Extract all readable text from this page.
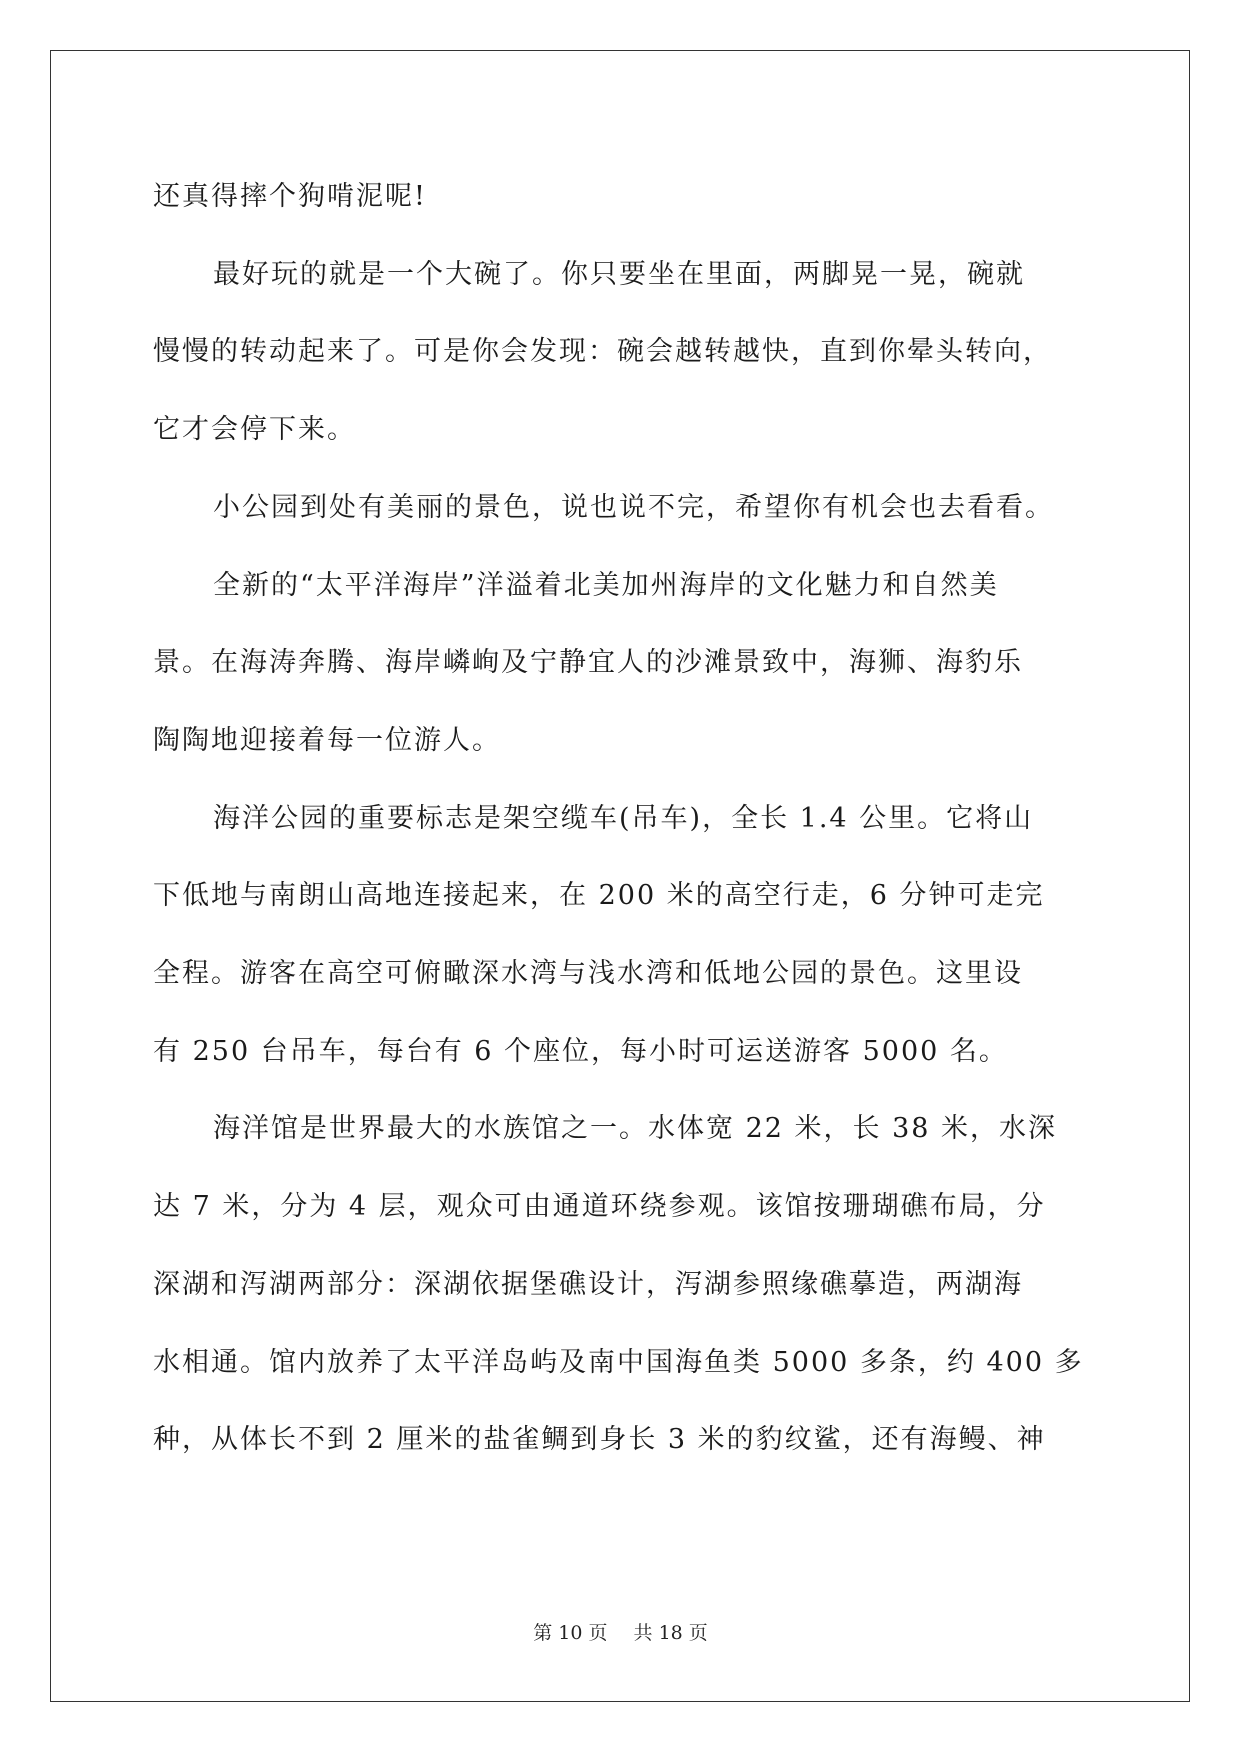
还真得摔个狗啃泥呢!
最好玩的就是一个大碗了。你只要坐在里面，两脚晃一晃，碗就
慢慢的转动起来了。可是你会发现：碗会越转越快，直到你晕头转向，
它才会停下来。
小公园到处有美丽的景色，说也说不完，希望你有机会也去看看。
全新的“太平洋海岸”洋溢着北美加州海岸的文化魅力和自然美
景。在海涛奔腾、海岸嶙峋及宁静宜人的沙滩景致中，海狮、海豹乐
陶陶地迎接着每一位游人。
海洋公园的重要标志是架空缆车(吊车)，全长 1.4 公里。它将山
下低地与南朗山高地连接起来，在 200 米的高空行走，6 分钟可走完
全程。游客在高空可俯瞰深水湾与浅水湾和低地公园的景色。这里设
有 250 台吊车，每台有 6 个座位，每小时可运送游客 5000 名。
海洋馆是世界最大的水族馆之一。水体宽 22 米，长 38 米，水深
达 7 米，分为 4 层，观众可由通道环绕参观。该馆按珊瑚礁布局，分
深湖和泻湖两部分：深湖依据堡礁设计，泻湖参照缘礁摹造，两湖海
水相通。馆内放养了太平洋岛屿及南中国海鱼类 5000 多条，约 400 多
种，从体长不到 2 厘米的盐雀鲷到身长 3 米的豹纹鲨，还有海鳗、神
第 10 页 共 18 页
